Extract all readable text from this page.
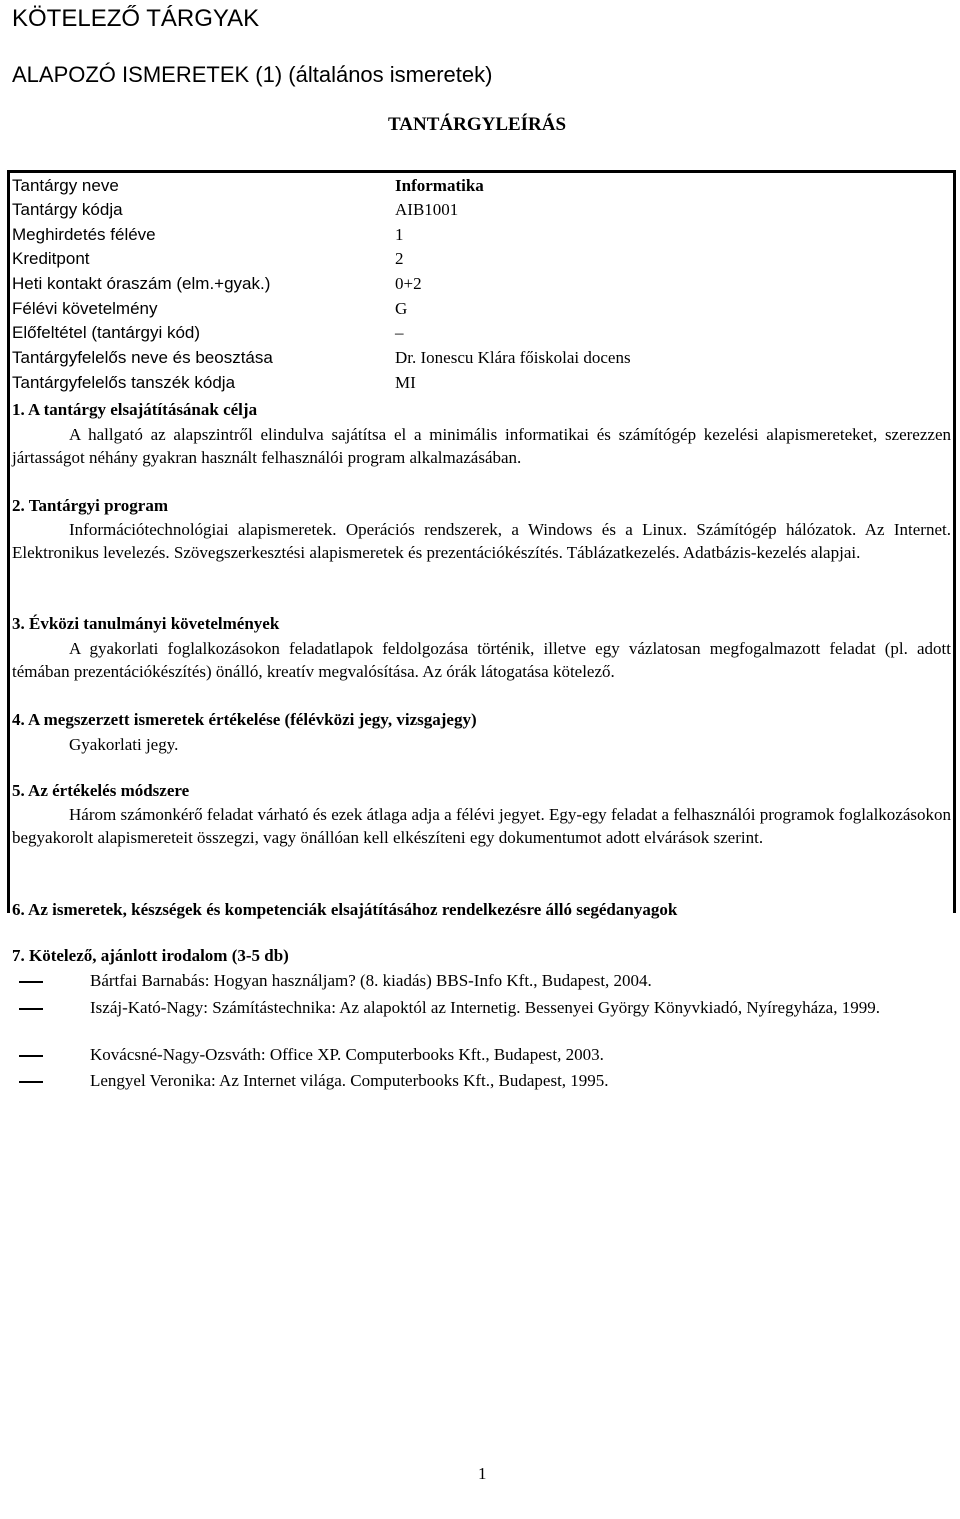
KÖTELEZŐ TÁRGYAK
ALAPOZÓ ISMERETEK (1) (általános ismeretek)
TANTÁRGYLEÍRÁS
Tantárgy neve	Informatika
Tantárgy kódja	AIB1001
Meghirdetés féléve	1
Kreditpont	2
Heti kontakt óraszám (elm.+gyak.)	0+2
Félévi követelmény	G
Előfeltétel (tantárgyi kód)	–
Tantárgyfelelős neve és beosztása	Dr. Ionescu Klára főiskolai docens
Tantárgyfelelős tanszék kódja	MI
1. A tantárgy elsajátításának célja

A hallgató az alapszintről elindulva sajátítsa el a minimális informatikai és számítógép kezelési alapismereteket, szerezzen jártasságot néhány gyakran használt felhasználói program alkalmazásában.

2. Tantárgyi program

Információtechnológiai alapismeretek. Operációs rendszerek, a Windows és a Linux. Számítógép hálózatok. Az Internet. Elektronikus levelezés. Szövegszerkesztési alapismeretek és prezentációkészítés. Táblázatkezelés. Adatbázis-kezelés alapjai.

3. Évközi tanulmányi követelmények

A gyakorlati foglalkozásokon feladatlapok feldolgozása történik, illetve egy vázlatosan megfogalmazott feladat (pl. adott témában prezentációkészítés) önálló, kreatív megvalósítása. Az órák látogatása kötelező.

4. A megszerzett ismeretek értékelése (félévközi jegy, vizsgajegy)

Gyakorlati jegy.

5. Az értékelés módszere

Három számonkérő feladat várható és ezek átlaga adja a félévi jegyet. Egy-egy feladat a felhasználói programok foglalkozásokon begyakorolt alapismereteit összegzi, vagy önállóan kell elkészíteni egy dokumentumot adott elvárások szerint.

6. Az ismeretek, készségek és kompetenciák elsajátításához rendelkezésre álló segédanyagok
7. Kötelező, ajánlott irodalom (3-5 db)
Bártfai Barnabás: Hogyan használjam? (8. kiadás) BBS-Info Kft., Budapest, 2004.
Iszáj-Kató-Nagy: Számítástechnika: Az alapoktól az Internetig. Bessenyei György Könyvkiadó, Nyíregyháza, 1999.
Kovácsné-Nagy-Ozsváth: Office XP. Computerbooks Kft., Budapest, 2003.
Lengyel Veronika: Az Internet világa. Computerbooks Kft., Budapest, 1995.
1
